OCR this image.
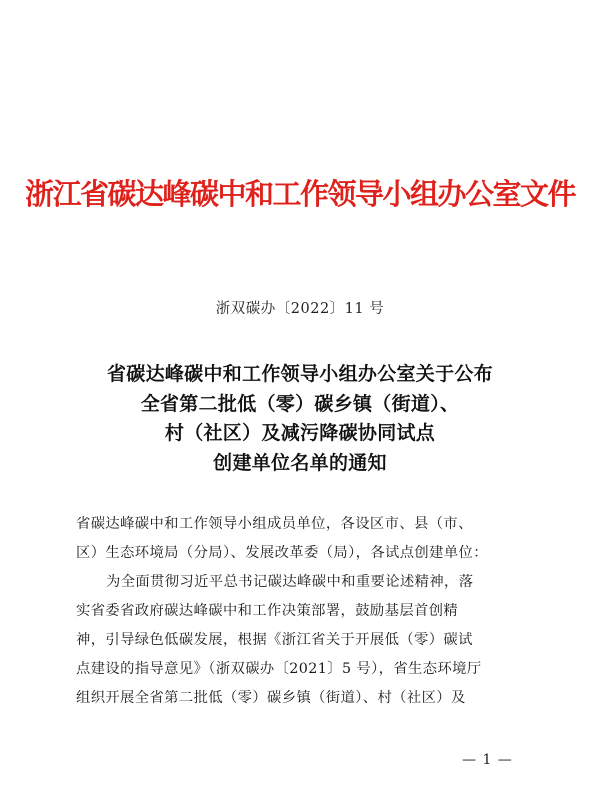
浙江省碳达峰碳中和工作领导小组办公室文件
浙双碳办〔2022〕11 号
省碳达峰碳中和工作领导小组办公室关于公布
全省第二批低（零）碳乡镇（街道）、
村（社区）及减污降碳协同试点
创建单位名单的通知

省碳达峰碳中和工作领导小组成员单位，各设区市、县（市、
区）生态环境局（分局）、发展改革委（局），各试点创建单位：

为全面贯彻习近平总书记碳达峰碳中和重要论述精神，落
实省委省政府碳达峰碳中和工作决策部署，鼓励基层首创精
神，引导绿色低碳发展，根据《浙江省关于开展低（零）碳试
点建设的指导意见》（浙双碳办〔2021〕5 号），省生态环境厅
组织开展全省第二批低（零）碳乡镇（街道）、村（社区）及

— 1 —
